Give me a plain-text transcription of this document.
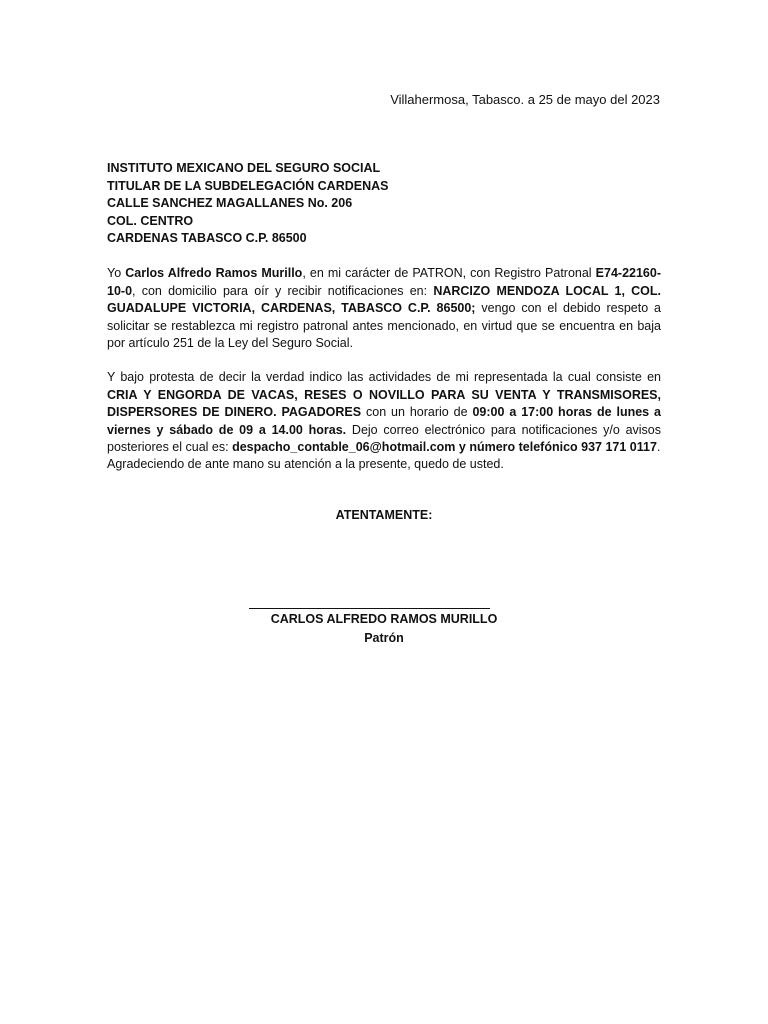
Villahermosa, Tabasco. a 25 de mayo del 2023
INSTITUTO MEXICANO DEL SEGURO SOCIAL
TITULAR DE LA SUBDELEGACIÓN CARDENAS
CALLE SANCHEZ MAGALLANES No. 206
COL. CENTRO
CARDENAS TABASCO C.P. 86500
Yo Carlos Alfredo Ramos Murillo, en mi carácter de PATRON, con Registro Patronal E74-22160-10-0, con domicilio para oír y recibir notificaciones en: NARCIZO MENDOZA LOCAL 1, COL. GUADALUPE VICTORIA, CARDENAS, TABASCO C.P. 86500; vengo con el debido respeto a solicitar se restablezca mi registro patronal antes mencionado, en virtud que se encuentra en baja por artículo 251 de la Ley del Seguro Social.
Y bajo protesta de decir la verdad indico las actividades de mi representada la cual consiste en CRIA Y ENGORDA DE VACAS, RESES O NOVILLO PARA SU VENTA Y TRANSMISORES, DISPERSORES DE DINERO. PAGADORES con un horario de 09:00 a 17:00 horas de lunes a viernes y sábado de 09 a 14.00 horas. Dejo correo electrónico para notificaciones y/o avisos posteriores el cual es: despacho_contable_06@hotmail.com y número telefónico 937 171 0117.
Agradeciendo de ante mano su atención a la presente, quedo de usted.
ATENTAMENTE:
CARLOS ALFREDO RAMOS MURILLO
Patrón
